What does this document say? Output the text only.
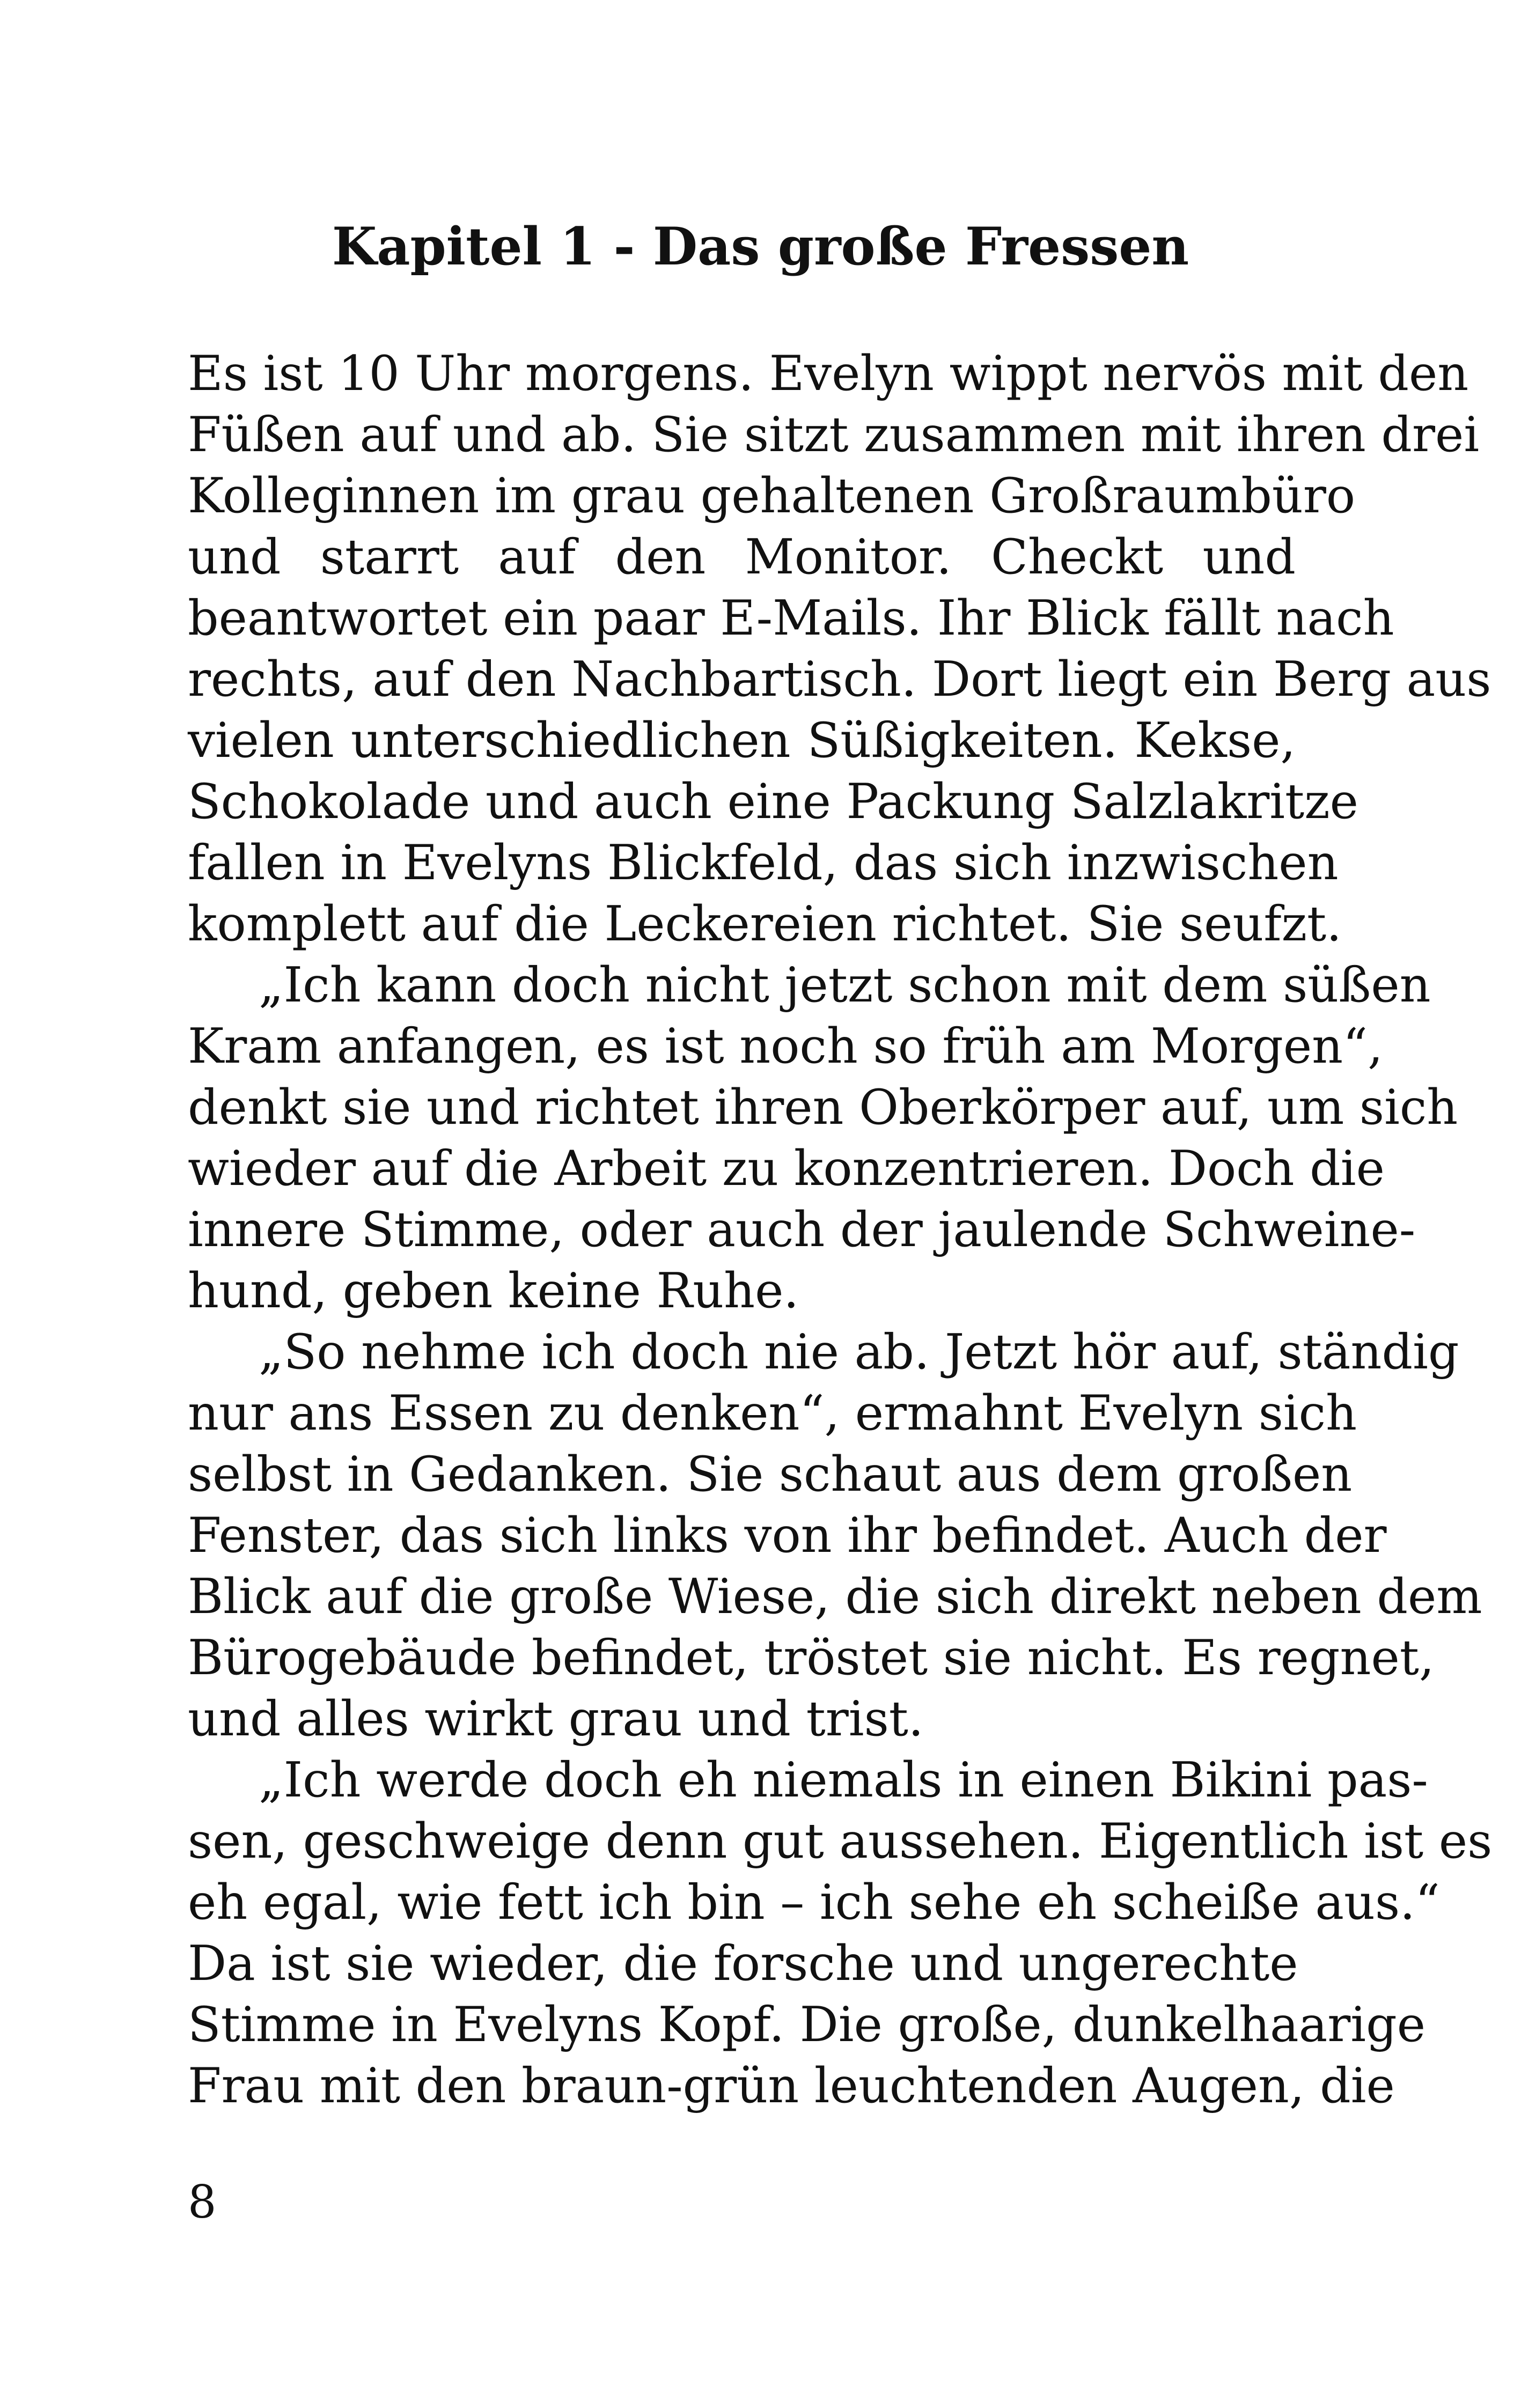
Kapitel 1 - Das große Fressen
Es ist 10 Uhr morgens. Evelyn wippt nervös mit den
Füßen auf und ab. Sie sitzt zusammen mit ihren drei
Kolleginnen im grau gehaltenen Großraumbüro
und starrt auf den Monitor. Checkt und
beantwortet ein paar E-Mails. Ihr Blick fällt nach
rechts, auf den Nachbartisch. Dort liegt ein Berg aus
vielen unterschiedlichen Süßigkeiten. Kekse,
Schokolade und auch eine Packung Salzlakritze
fallen in Evelyns Blickfeld, das sich inzwischen
komplett auf die Leckereien richtet. Sie seufzt.
„Ich kann doch nicht jetzt schon mit dem süßen
Kram anfangen, es ist noch so früh am Morgen“,
denkt sie und richtet ihren Oberkörper auf, um sich
wieder auf die Arbeit zu konzentrieren. Doch die
innere Stimme, oder auch der jaulende Schweine-
hund, geben keine Ruhe.
„So nehme ich doch nie ab. Jetzt hör auf, ständig
nur ans Essen zu denken“, ermahnt Evelyn sich
selbst in Gedanken. Sie schaut aus dem großen
Fenster, das sich links von ihr befindet. Auch der
Blick auf die große Wiese, die sich direkt neben dem
Bürogebäude befindet, tröstet sie nicht. Es regnet,
und alles wirkt grau und trist.
„Ich werde doch eh niemals in einen Bikini pas-
sen, geschweige denn gut aussehen. Eigentlich ist es
eh egal, wie fett ich bin – ich sehe eh scheiße aus.“
Da ist sie wieder, die forsche und ungerechte
Stimme in Evelyns Kopf. Die große, dunkelhaarige
Frau mit den braun-grün leuchtenden Augen, die
8
